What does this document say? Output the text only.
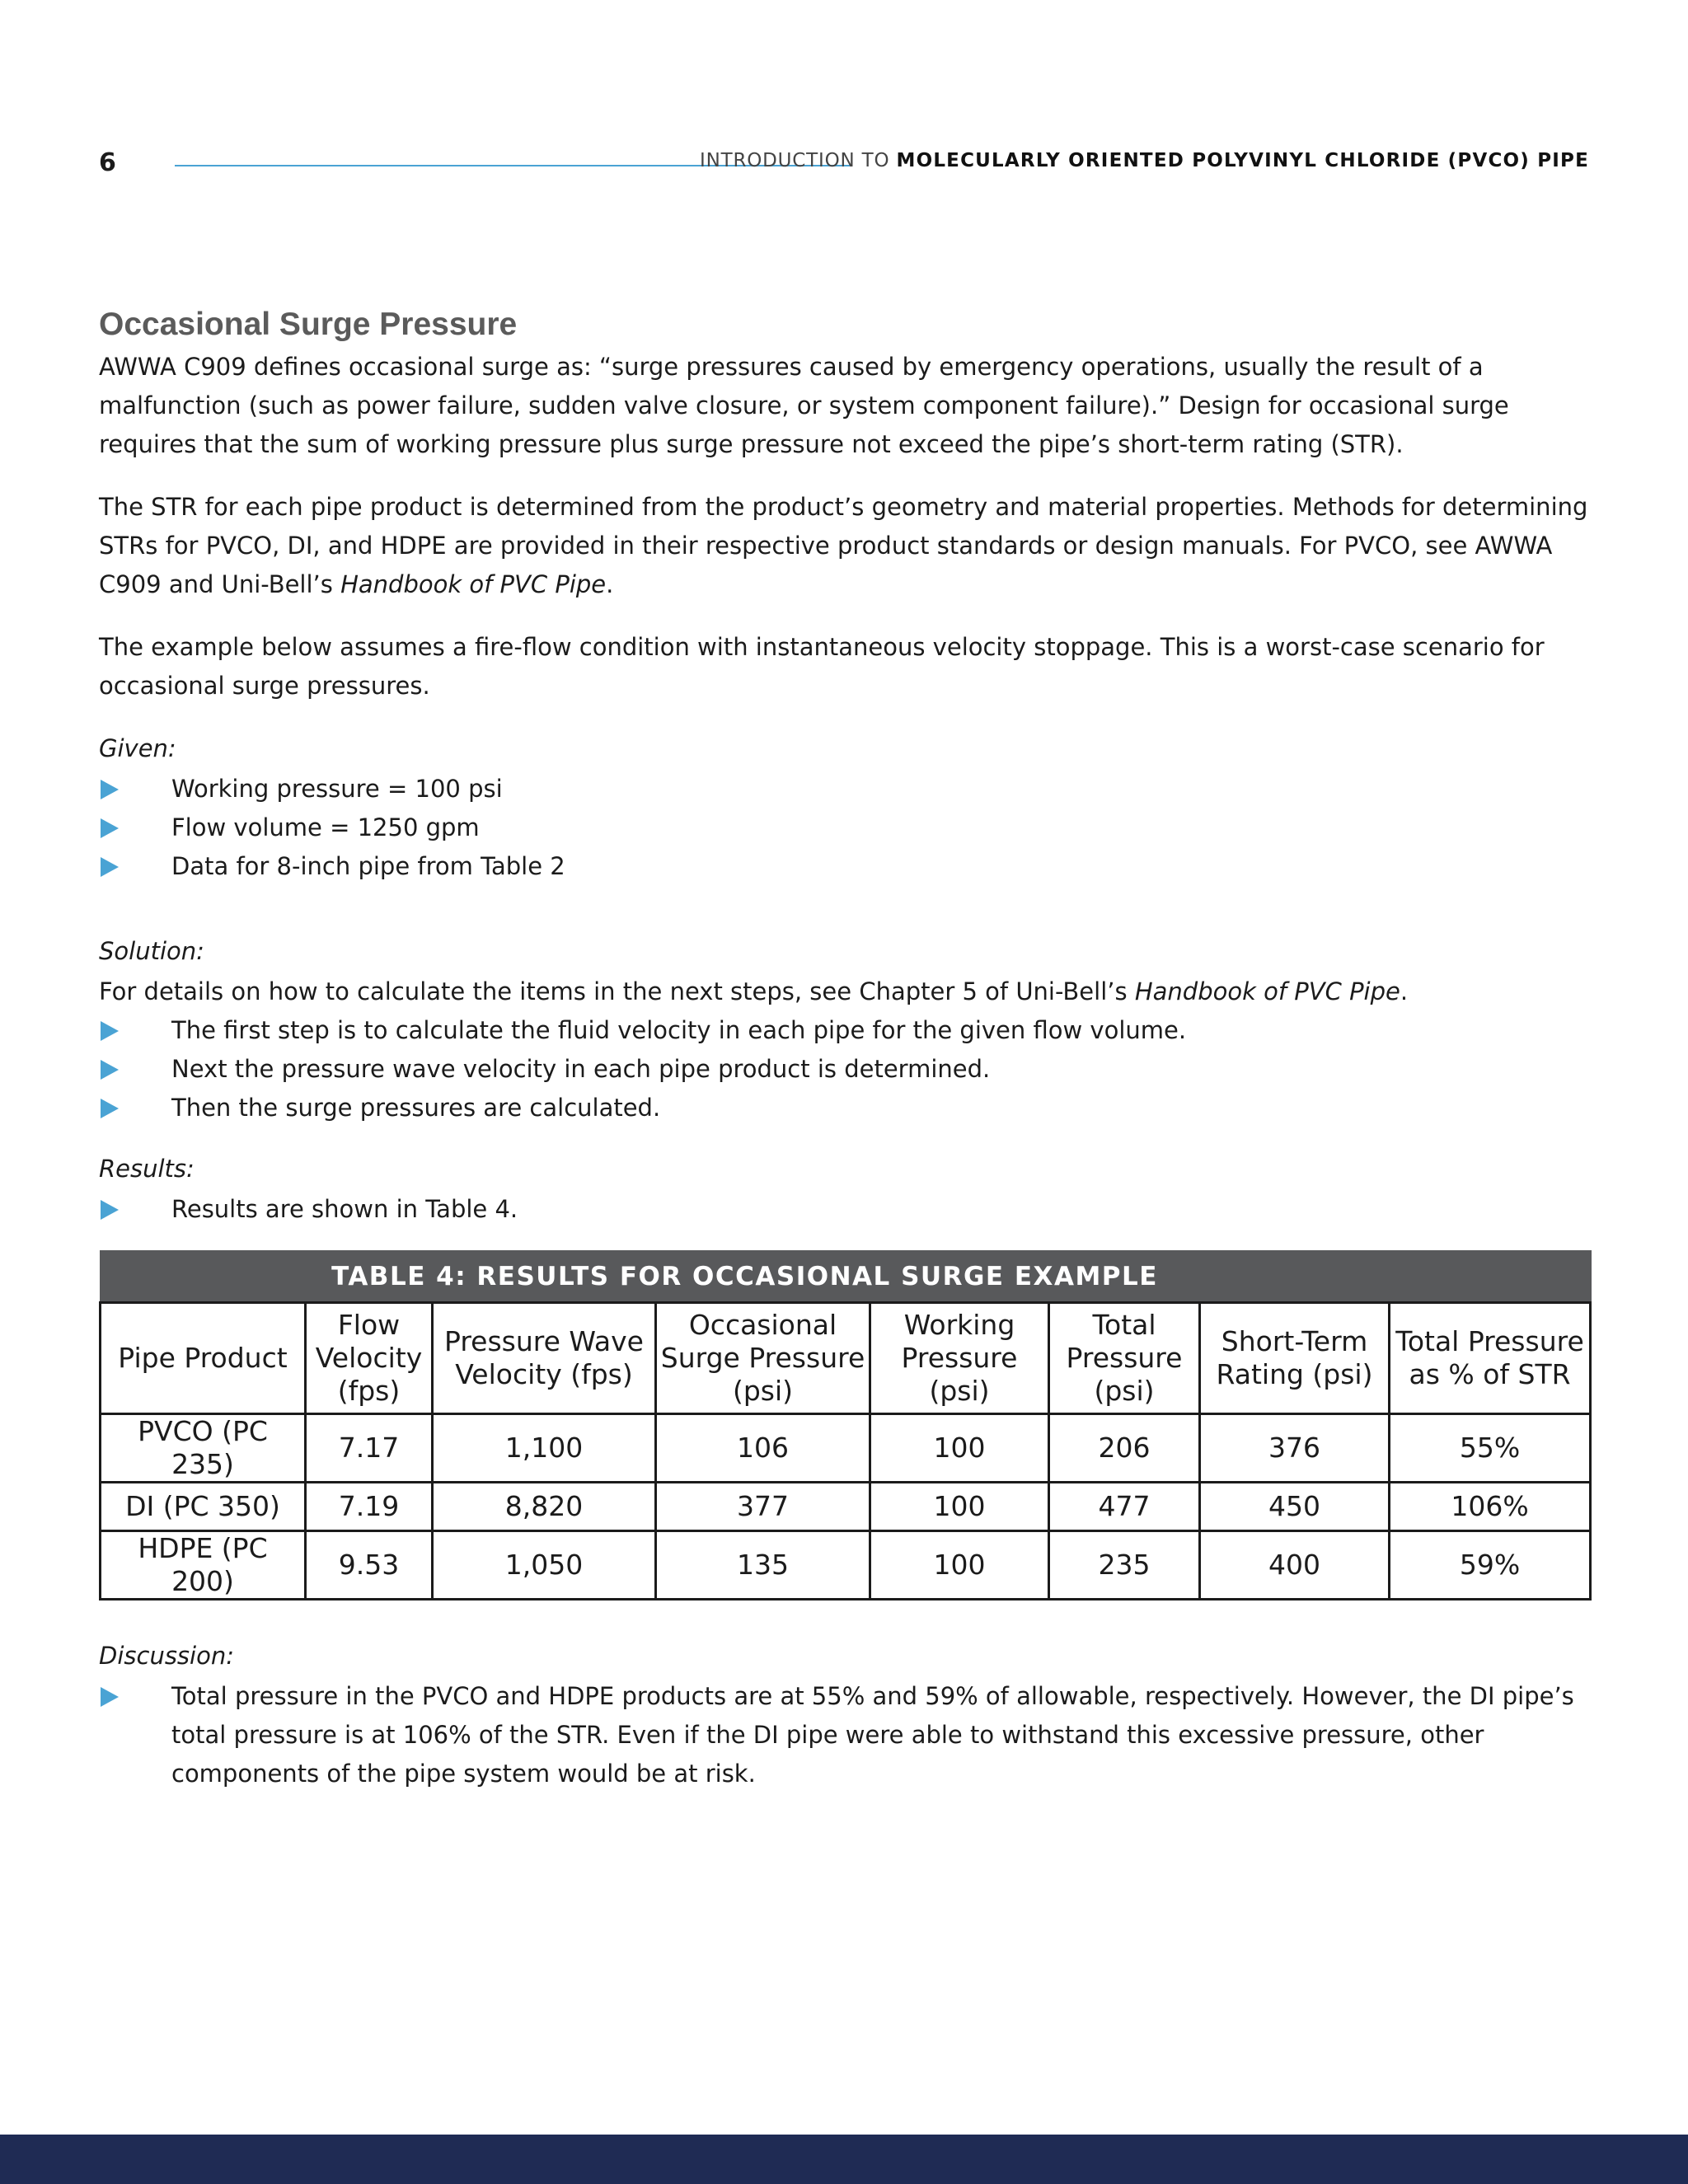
6	INTRODUCTION TO MOLECULARLY ORIENTED POLYVINYL CHLORIDE (PVCO) PIPE
Occasional Surge Pressure

AWWA C909 defines occasional surge as: “surge pressures caused by emergency operations, usually the result of a malfunction (such as power failure, sudden valve closure, or system component failure).” Design for occasional surge requires that the sum of working pressure plus surge pressure not exceed the pipe’s short-term rating (STR).

The STR for each pipe product is determined from the product’s geometry and material properties. Methods for determining STRs for PVCO, DI, and HDPE are provided in their respective product standards or design manuals. For PVCO, see AWWA C909 and Uni-Bell’s Handbook of PVC Pipe.

The example below assumes a fire-flow condition with instantaneous velocity stoppage. This is a worst-case scenario for occasional surge pressures.

Given:
Working pressure = 100 psi
Flow volume = 1250 gpm
Data for 8-inch pipe from Table 2
Solution:
For details on how to calculate the items in the next steps, see Chapter 5 of Uni-Bell’s Handbook of PVC Pipe.
The first step is to calculate the fluid velocity in each pipe for the given flow volume.
Next the pressure wave velocity in each pipe product is determined.
Then the surge pressures are calculated.
Results:
Results are shown in Table 4.
TABLE 4: RESULTS FOR OCCASIONAL SURGE EXAMPLE							
Pipe Product	Flow Velocity (fps)	Pressure Wave Velocity (fps)	Occasional Surge Pressure (psi)	Working Pressure (psi)	Total Pressure (psi)	Short-Term Rating (psi)	Total Pressure as % of STR
PVCO (PC 235)	7.17	1,100	106	100	206	376	55%
DI (PC 350)	7.19	8,820	377	100	477	450	106%
HDPE (PC 200)	9.53	1,050	135	100	235	400	59%
Discussion:
Total pressure in the PVCO and HDPE products are at 55% and 59% of allowable, respectively. However, the DI pipe’s total pressure is at 106% of the STR. Even if the DI pipe were able to withstand this excessive pressure, other components of the pipe system would be at risk.
